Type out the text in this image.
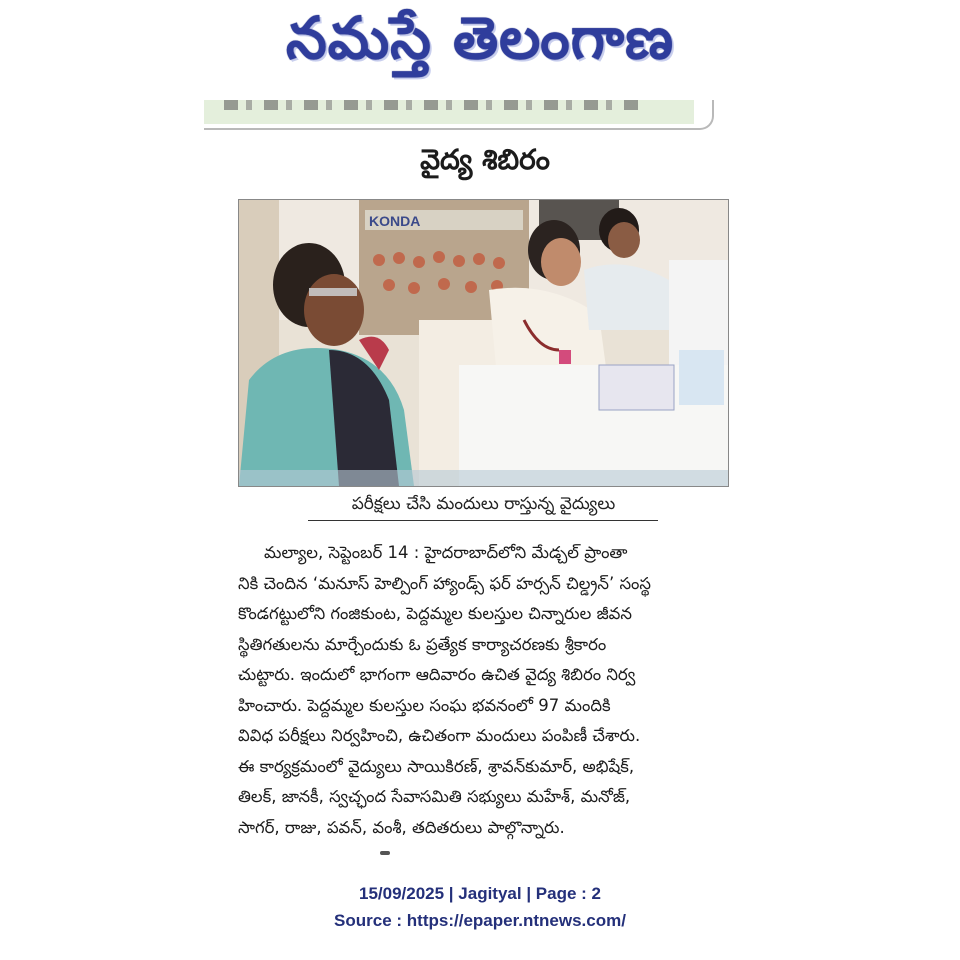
నమస్తే తెలంగాణ
వైద్య శిబిరం
KONDA
పరీక్షలు చేసి మందులు రాస్తున్న వైద్యులు
మల్యాల, సెప్టెంబర్ 14 : హైదరాబాద్‌లోని మేడ్చల్ ప్రాంతా
నికి చెందిన ‘మనూస్ హెల్పింగ్ హ్యాండ్స్ ఫర్ హర్సన్ చిల్డ్రన్’ సంస్థ
కొండగట్టులోని గంజికుంట, పెద్దమ్మల కులస్తుల చిన్నారుల జీవన
స్థితిగతులను మార్చేందుకు ఓ ప్రత్యేక కార్యాచరణకు శ్రీకారం
చుట్టారు. ఇందులో భాగంగా ఆదివారం ఉచిత వైద్య శిబిరం నిర్వ
హించారు. పెద్దమ్మల కులస్తుల సంఘ భవనంలో 97 మందికి
వివిధ పరీక్షలు నిర్వహించి, ఉచితంగా మందులు పంపిణీ చేశారు.
ఈ కార్యక్రమంలో వైద్యులు సాయికిరణ్, శ్రావన్‌కుమార్, అభిషేక్,
తిలక్, జానకీ, స్వచ్ఛంద సేవాసమితి సభ్యులు మహేశ్, మనోజ్,
సాగర్, రాజు, పవన్, వంశీ, తదితరులు పాల్గొన్నారు.
15/09/2025 | Jagityal | Page : 2
Source : https://epaper.ntnews.com/
